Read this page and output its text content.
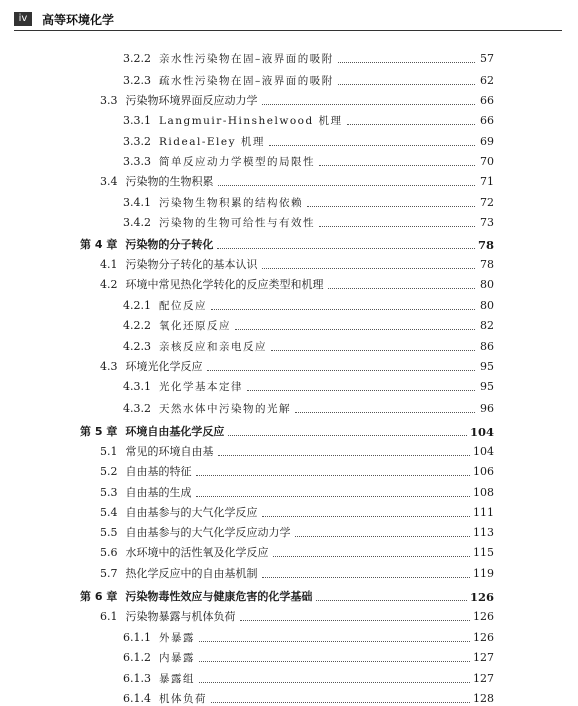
iv	高等环境化学
3.2.2 亲水性污染物在固–液界面的吸附	57
3.2.3 疏水性污染物在固–液界面的吸附	62
3.3 污染物环境界面反应动力学	66
3.3.1 Langmuir-Hinshelwood 机理	66
3.3.2 Rideal-Eley 机理	69
3.3.3 简单反应动力学模型的局限性	70
3.4 污染物的生物积累	71
3.4.1 污染物生物积累的结构依赖	72
3.4.2 污染物的生物可给性与有效性	73
第 4 章 污染物的分子转化	78
4.1 污染物分子转化的基本认识	78
4.2 环境中常见热化学转化的反应类型和机理	80
4.2.1 配位反应	80
4.2.2 氧化还原反应	82
4.2.3 亲核反应和亲电反应	86
4.3 环境光化学反应	95
4.3.1 光化学基本定律	95
4.3.2 天然水体中污染物的光解	96
第 5 章 环境自由基化学反应	104
5.1 常见的环境自由基	104
5.2 自由基的特征	106
5.3 自由基的生成	108
5.4 自由基参与的大气化学反应	111
5.5 自由基参与的大气化学反应动力学	113
5.6 水环境中的活性氧及化学反应	115
5.7 热化学反应中的自由基机制	119
第 6 章 污染物毒性效应与健康危害的化学基础	126
6.1 污染物暴露与机体负荷	126
6.1.1 外暴露	126
6.1.2 内暴露	127
6.1.3 暴露组	127
6.1.4 机体负荷	128
